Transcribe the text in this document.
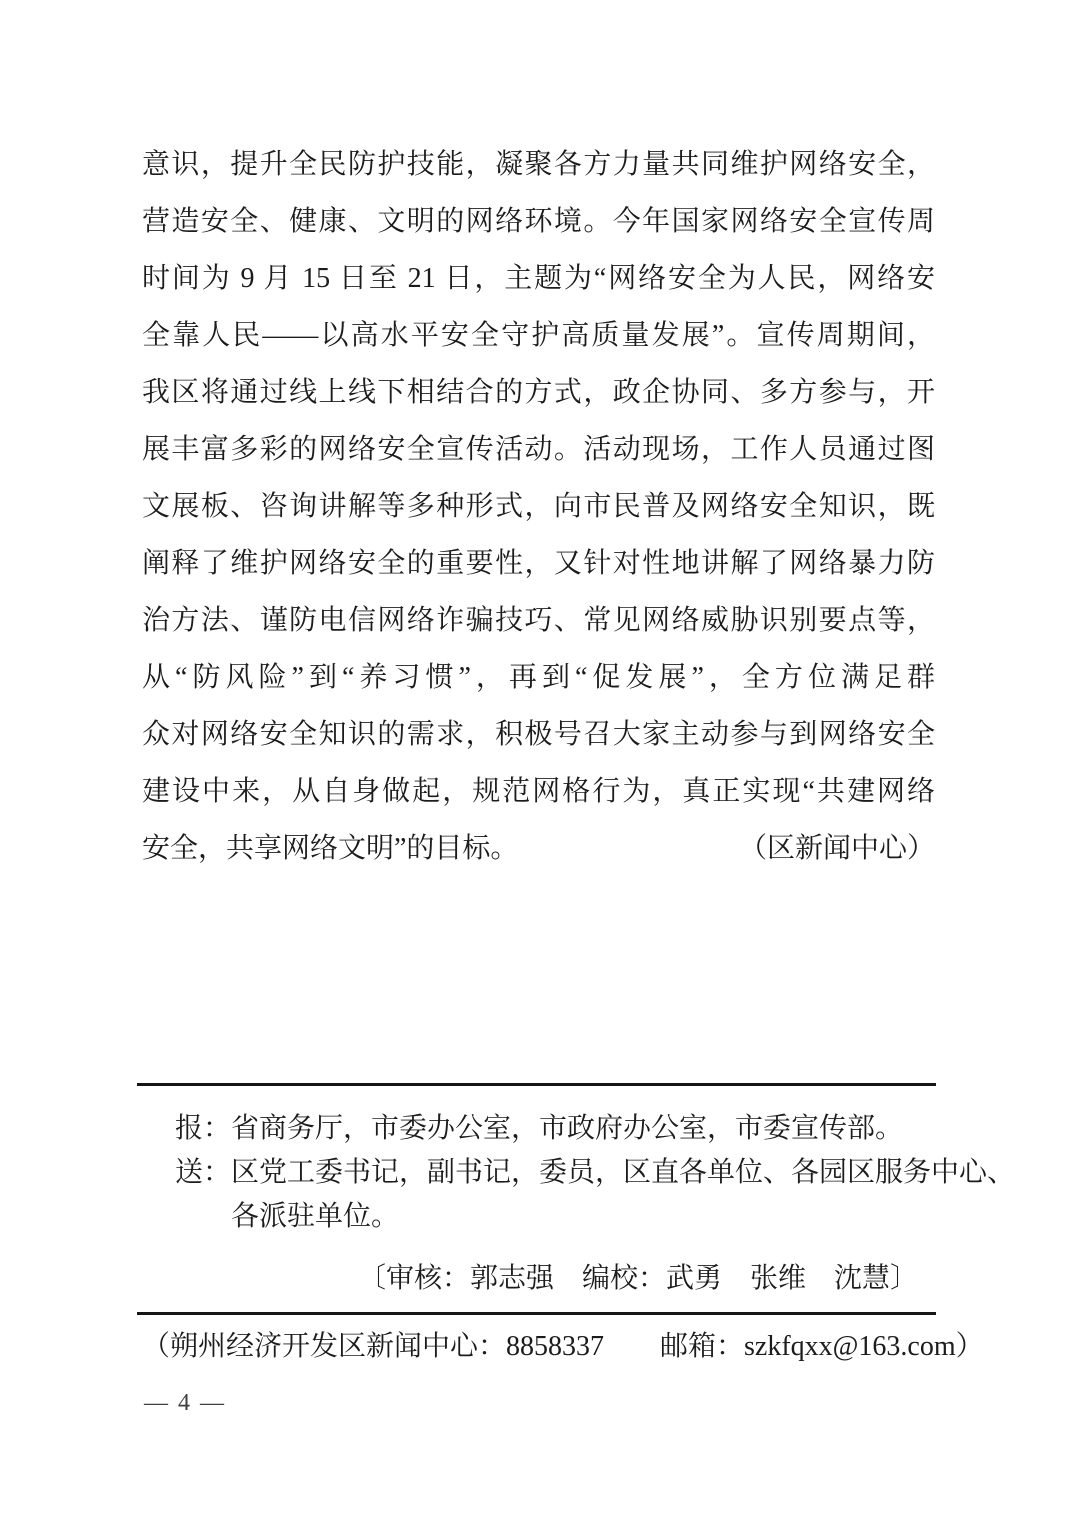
意识，提升全民防护技能，凝聚各方力量共同维护网络安全，
营造安全、健康、文明的网络环境。今年国家网络安全宣传周
时间为 9 月 15 日至 21 日，主题为“网络安全为人民，网络安
全靠人民——以高水平安全守护高质量发展”。宣传周期间，
我区将通过线上线下相结合的方式，政企协同、多方参与，开
展丰富多彩的网络安全宣传活动。活动现场，工作人员通过图
文展板、咨询讲解等多种形式，向市民普及网络安全知识，既
阐释了维护网络安全的重要性，又针对性地讲解了网络暴力防
治方法、谨防电信网络诈骗技巧、常见网络威胁识别要点等，
从“防风险”到“养习惯”，再到“促发展”，全方位满足群
众对网络安全知识的需求，积极号召大家主动参与到网络安全
建设中来，从自身做起，规范网格行为，真正实现“共建网络
安全，共享网络文明”的目标。	（区新闻中心）
报： 省商务厅，市委办公室，市政府办公室，市委宣传部。
送： 区党工委书记，副书记，委员，区直各单位、各园区服务中心、
各派驻单位。
〔审核：郭志强　编校：武勇　张维　沈慧〕
（朔州经济开发区新闻中心：8858337　　邮箱：szkfqxx@163.com）
— 4 —
